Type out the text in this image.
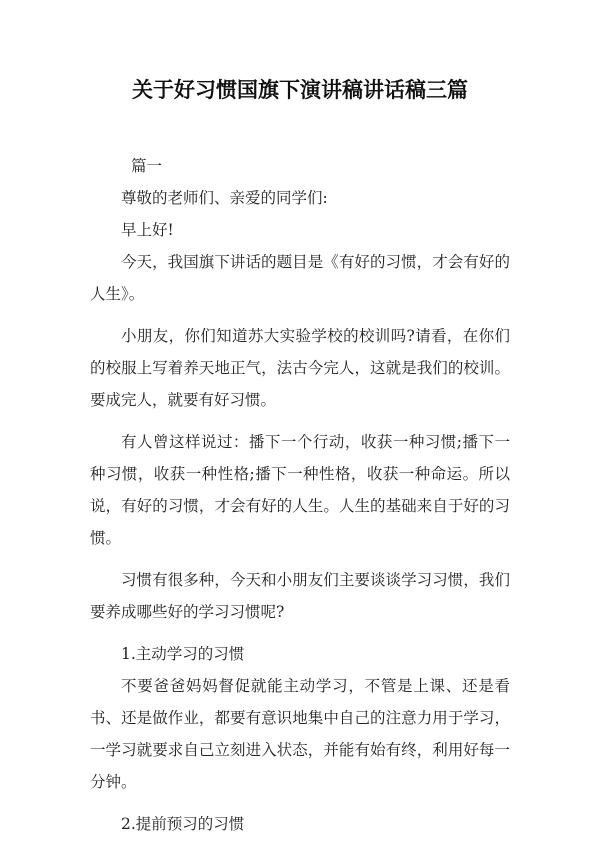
关于好习惯国旗下演讲稿讲话稿三篇

篇一

尊敬的老师们、亲爱的同学们:

早上好!

今天，我国旗下讲话的题目是《有好的习惯，才会有好的人生》。

小朋友，你们知道苏大实验学校的校训吗?请看，在你们的校服上写着养天地正气，法古今完人，这就是我们的校训。要成完人，就要有好习惯。

有人曾这样说过：播下一个行动，收获一种习惯;播下一种习惯，收获一种性格;播下一种性格，收获一种命运。所以说，有好的习惯，才会有好的人生。人生的基础来自于好的习惯。

习惯有很多种，今天和小朋友们主要谈谈学习习惯，我们要养成哪些好的学习习惯呢?

1.主动学习的习惯

不要爸爸妈妈督促就能主动学习，不管是上课、还是看书、还是做作业，都要有意识地集中自己的注意力用于学习，一学习就要求自己立刻进入状态，并能有始有终，利用好每一分钟。

2.提前预习的习惯
